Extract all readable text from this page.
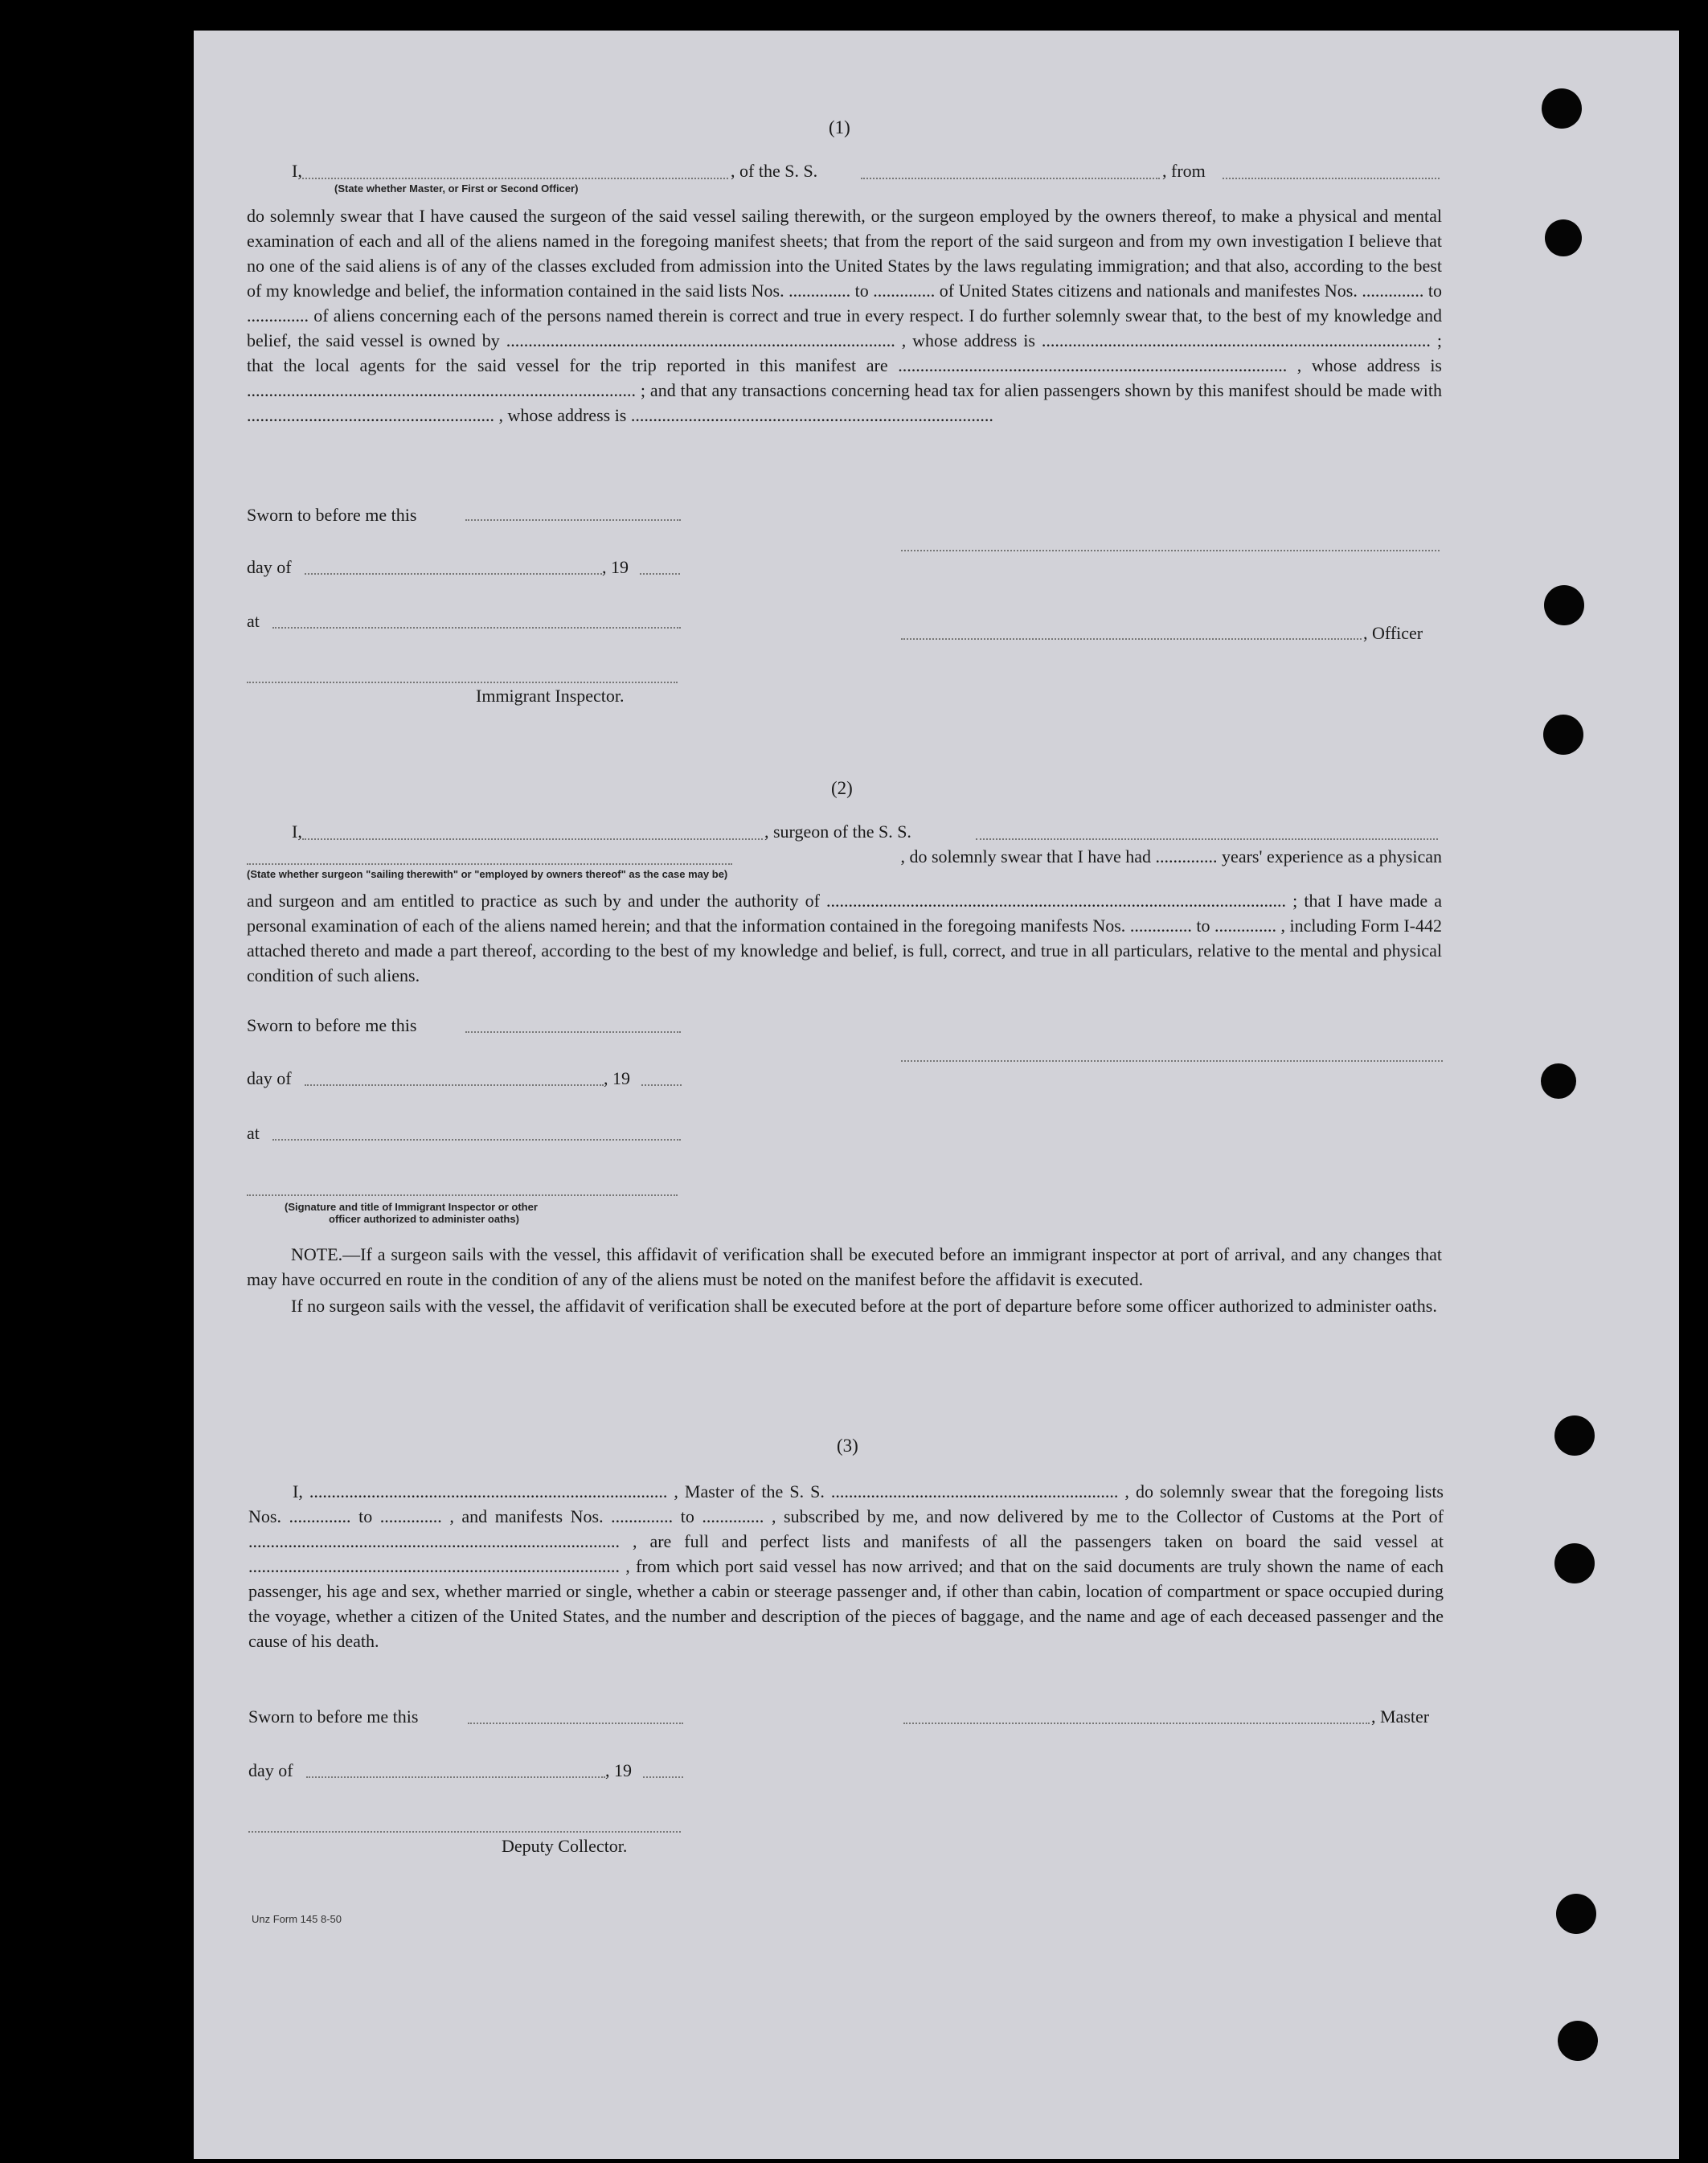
(1)
I,	, of the S. S.	, from
(State whether Master, or First or Second Officer)

do solemnly swear that I have caused the surgeon of the said vessel sailing therewith, or the surgeon employed by the owners thereof, to make a physical and mental examination of each and all of the aliens named in the foregoing manifest sheets; that from the report of the said surgeon and from my own investigation I believe that no one of the said aliens is of any of the classes excluded from admission into the United States by the laws regulating immigration; and that also, according to the best of my knowledge and belief, the information contained in the said lists Nos. .............. to .............. of United States citizens and nationals and manifestes Nos. .............. to .............. of aliens concerning each of the persons named therein is correct and true in every respect. I do further solemnly swear that, to the best of my knowledge and belief, the said vessel is owned by ........................................................................................ , whose address is ........................................................................................ ; that the local agents for the said vessel for the trip reported in this manifest are ........................................................................................ , whose address is ........................................................................................ ; and that any transactions concerning head tax for alien passengers shown by this manifest should be made with ........................................................ , whose address is ..................................................................................

Sworn to before me this
day of	, 19
at
, Officer
Immigrant Inspector.
(2)
I,	, surgeon of the S. S.
, do solemnly swear that I have had .............. years' experience as a physican
(State whether surgeon "sailing therewith" or "employed by owners thereof" as the case may be)

and surgeon and am entitled to practice as such by and under the authority of ........................................................................................................ ; that I have made a personal examination of each of the aliens named herein; and that the information contained in the foregoing manifests Nos. .............. to .............. , including Form I-442 attached thereto and made a part thereof, according to the best of my knowledge and belief, is full, correct, and true in all particulars, relative to the mental and physical condition of such aliens.

Sworn to before me this
day of	, 19
at
(Signature and title of Immigrant Inspector or other
officer authorized to administer oaths)

NOTE.—If a surgeon sails with the vessel, this affidavit of verification shall be executed before an immigrant inspector at port of arrival, and any changes that may have occurred en route in the condition of any of the aliens must be noted on the manifest before the affidavit is executed.

If no surgeon sails with the vessel, the affidavit of verification shall be executed before at the port of departure before some officer authorized to administer oaths.

(3)

I, ................................................................................. , Master of the S. S. ................................................................. , do solemnly swear that the foregoing lists Nos. .............. to .............. , and manifests Nos. .............. to .............. , subscribed by me, and now delivered by me to the Collector of Customs at the Port of .................................................................................... , are full and perfect lists and manifests of all the passengers taken on board the said vessel at .................................................................................... , from which port said vessel has now arrived; and that on the said documents are truly shown the name of each passenger, his age and sex, whether married or single, whether a cabin or steerage passenger and, if other than cabin, location of compartment or space occupied during the voyage, whether a citizen of the United States, and the number and description of the pieces of baggage, and the name and age of each deceased passenger and the cause of his death.

Sworn to before me this	, Master
day of	, 19
Deputy Collector.
Unz Form 145 8-50
